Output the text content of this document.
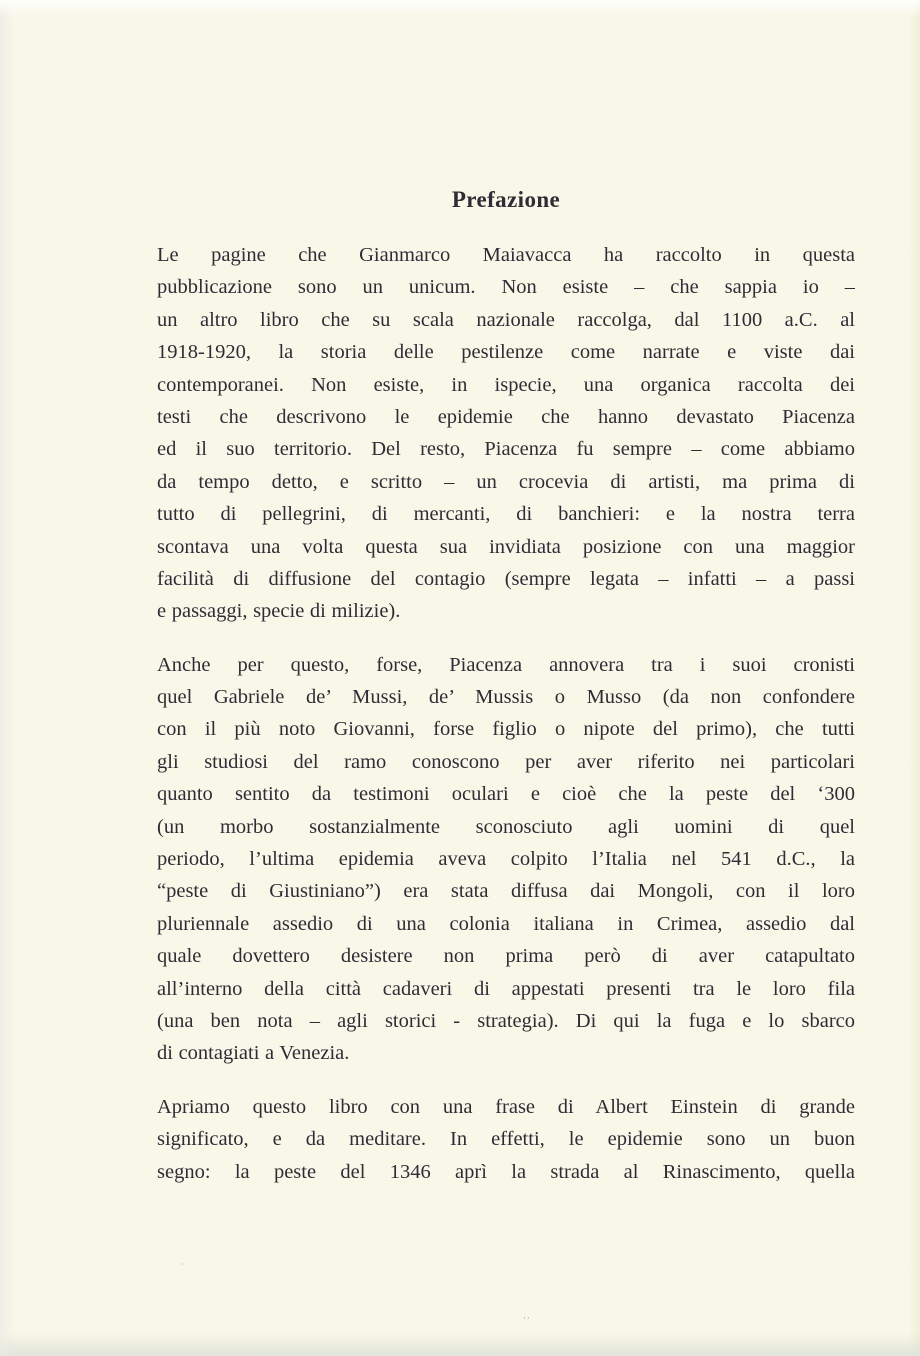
Prefazione
Le pagine che Gianmarco Maiavacca ha raccolto in questa
pubblicazione sono un unicum. Non esiste – che sappia io –
un altro libro che su scala nazionale raccolga, dal 1100 a.C. al
1918-1920, la storia delle pestilenze come narrate e viste dai
contemporanei. Non esiste, in ispecie, una organica raccolta dei
testi che descrivono le epidemie che hanno devastato Piacenza
ed il suo territorio. Del resto, Piacenza fu sempre – come abbiamo
da tempo detto, e scritto – un crocevia di artisti, ma prima di
tutto di pellegrini, di mercanti, di banchieri: e la nostra terra
scontava una volta questa sua invidiata posizione con una maggior
facilità di diffusione del contagio (sempre legata – infatti – a passi
e passaggi, specie di milizie).
Anche per questo, forse, Piacenza annovera tra i suoi cronisti
quel Gabriele de’ Mussi, de’ Mussis o Musso (da non confondere
con il più noto Giovanni, forse figlio o nipote del primo), che tutti
gli studiosi del ramo conoscono per aver riferito nei particolari
quanto sentito da testimoni oculari e cioè che la peste del ‘300
(un morbo sostanzialmente sconosciuto agli uomini di quel
periodo, l’ultima epidemia aveva colpito l’Italia nel 541 d.C., la
“peste di Giustiniano”) era stata diffusa dai Mongoli, con il loro
pluriennale assedio di una colonia italiana in Crimea, assedio dal
quale dovettero desistere non prima però di aver catapultato
all’interno della città cadaveri di appestati presenti tra le loro fila
(una ben nota – agli storici - strategia). Di qui la fuga e lo sbarco
di contagiati a Venezia.
Apriamo questo libro con una frase di Albert Einstein di grande
significato, e da meditare. In effetti, le epidemie sono un buon
segno: la peste del 1346 aprì la strada al Rinascimento, quella
·
··
